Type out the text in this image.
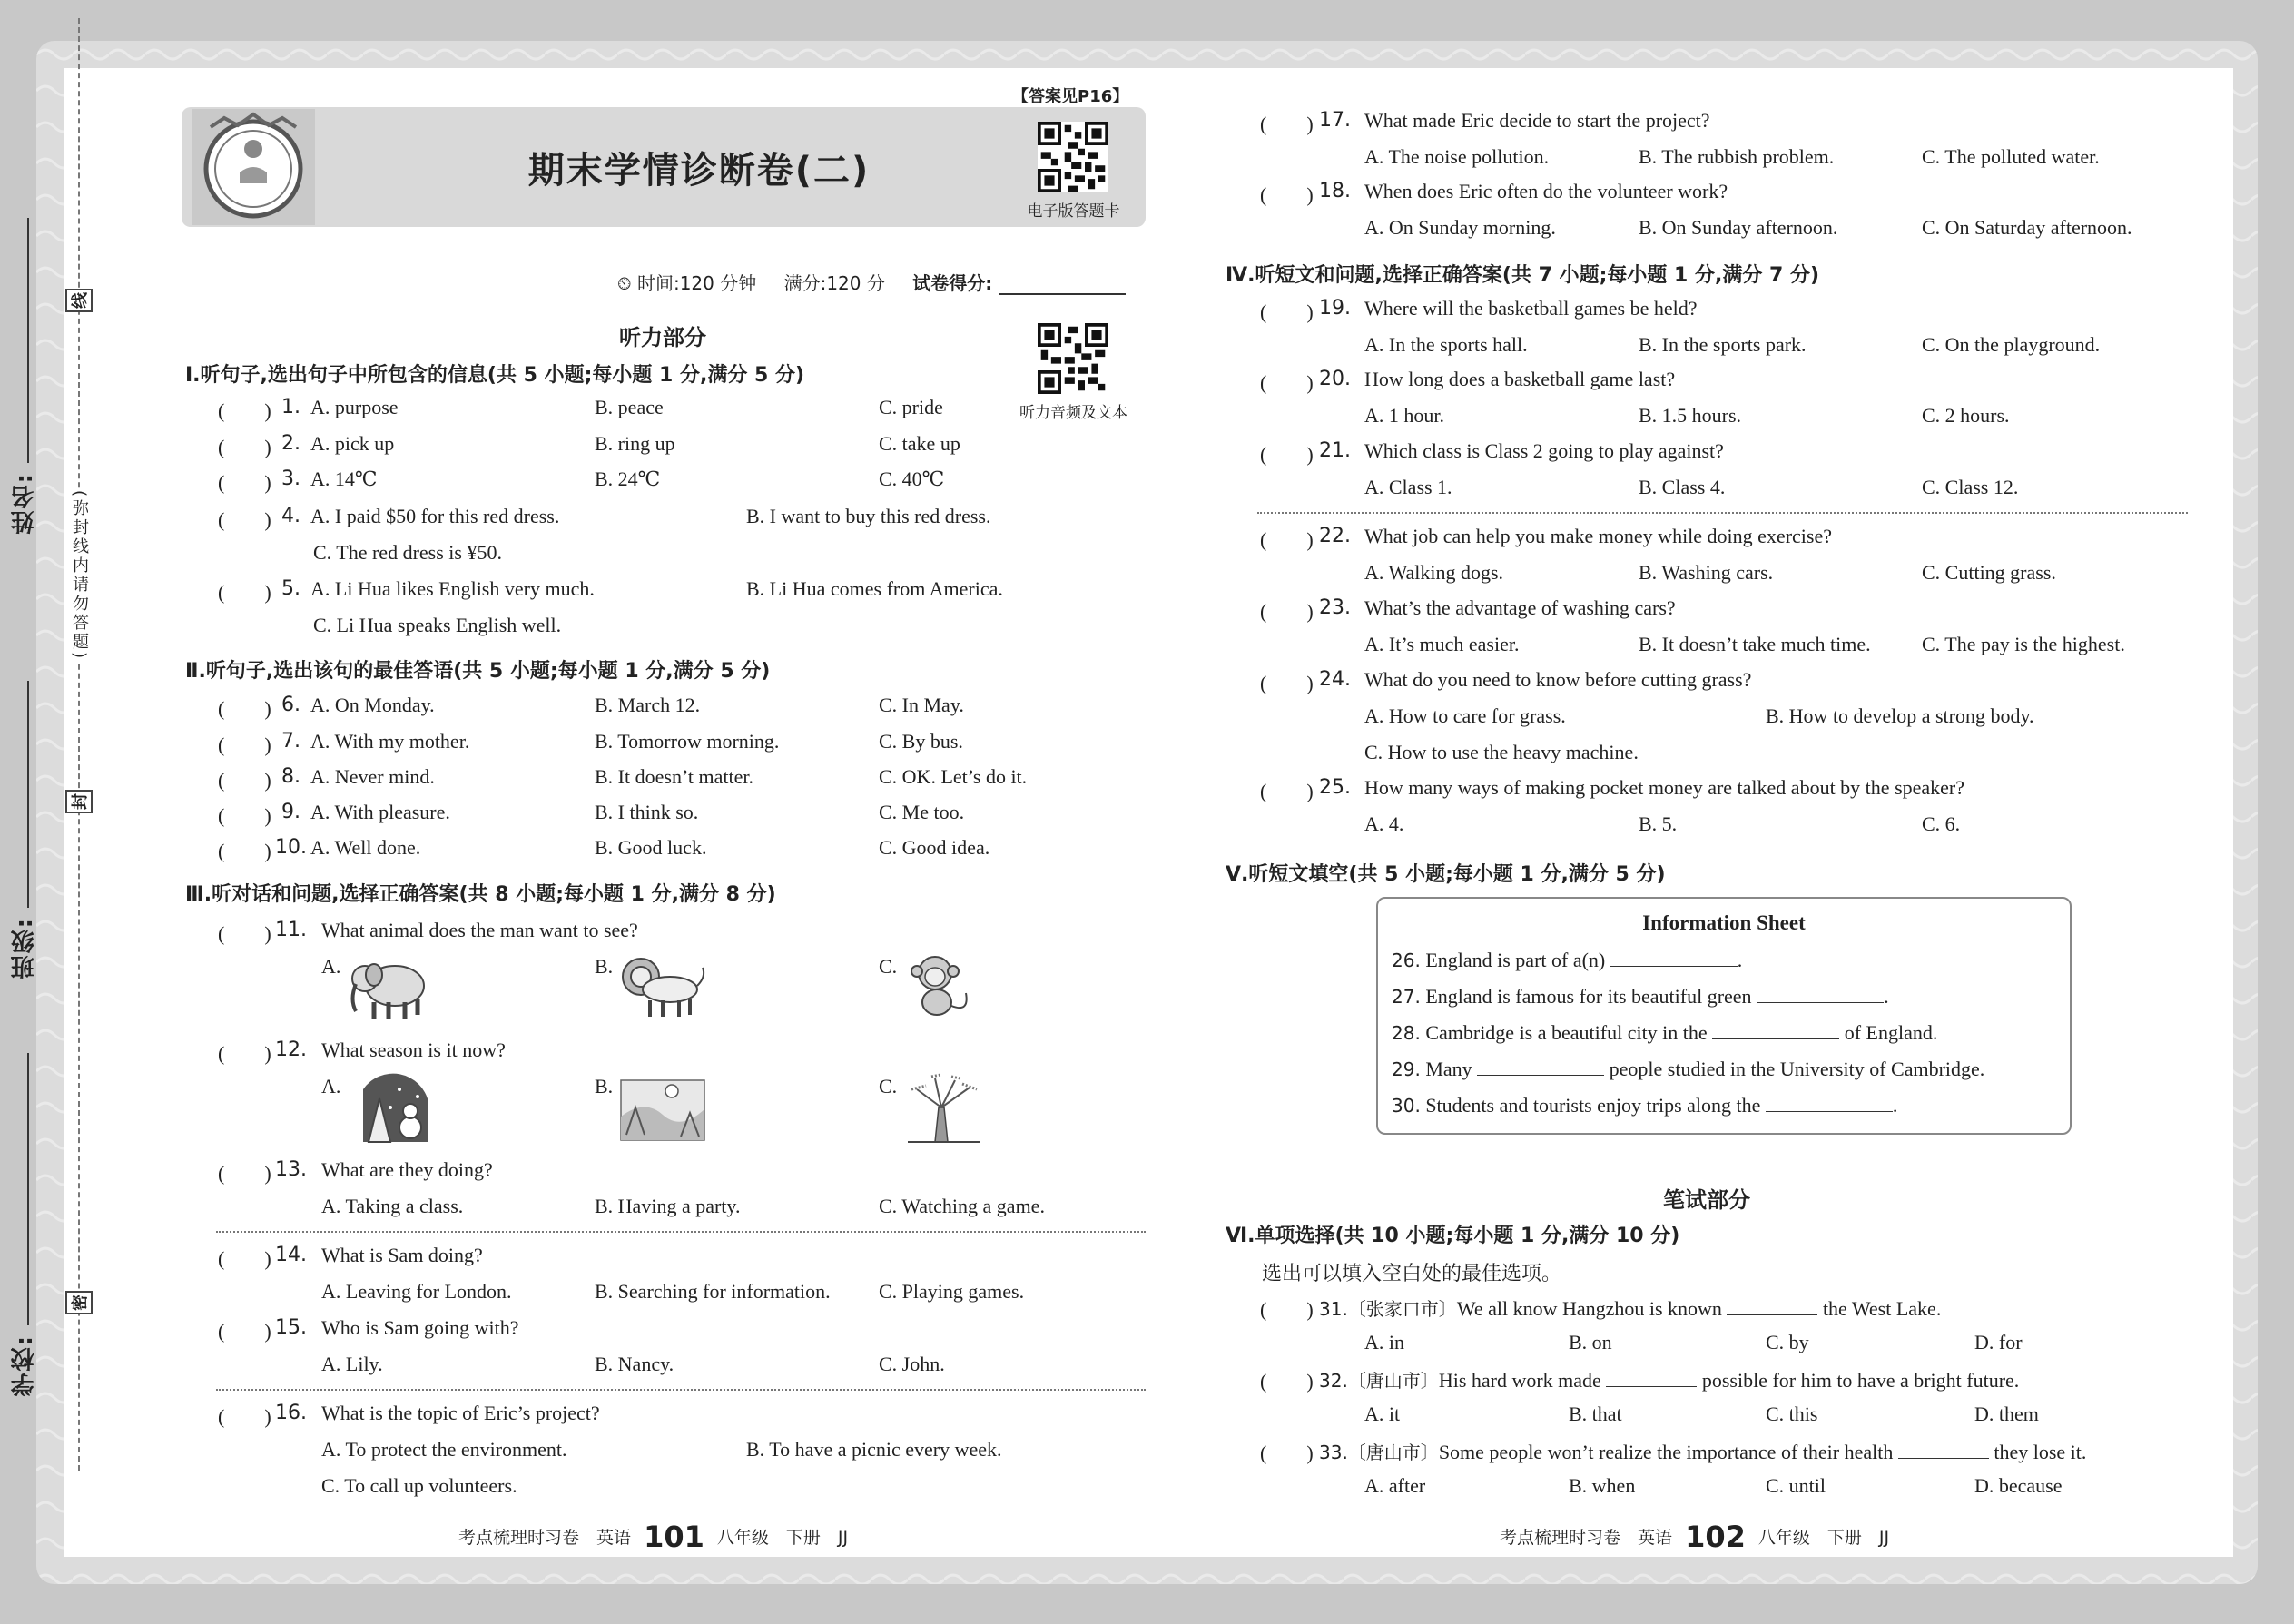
姓名:
班级:
学校:
线
(弥封线内请勿答题)
封
密
【答案见P16】
期末学情诊断卷(二)
电子版答题卡
听力音频及文本
⏲ 时间:120 分钟 满分:120 分 试卷得分:
听力部分
Ⅰ.听句子,选出句子中所包含的信息(共 5 小题;每小题 1 分,满分 5 分)
(　　) 1. A. purpose	B. peace	C. pride
(　　) 2. A. pick up	B. ring up	C. take up
(　　) 3. A. 14℃	B. 24℃	C. 40℃
(　　) 4. A. I paid $50 for this red dress.	B. I want to buy this red dress.
C. The red dress is ¥50.
(　　) 5. A. Li Hua likes English very much.	B. Li Hua comes from America.
C. Li Hua speaks English well.
Ⅱ.听句子,选出该句的最佳答语(共 5 小题;每小题 1 分,满分 5 分)
(　　) 6. A. On Monday.	B. March 12.	C. In May.
(　　) 7. A. With my mother.	B. Tomorrow morning.	C. By bus.
(　　) 8. A. Never mind.	B. It doesn’t matter.	C. OK. Let’s do it.
(　　) 9. A. With pleasure.	B. I think so.	C. Me too.
(　　) 10. A. Well done.	B. Good luck.	C. Good idea.
Ⅲ.听对话和问题,选择正确答案(共 8 小题;每小题 1 分,满分 8 分)
(　　) 11. What animal does the man want to see?
A.	B.	C.
(　　) 12. What season is it now?
A.	B.	C.
(　　) 13. What are they doing?
A. Taking a class.	B. Having a party.	C. Watching a game.
(　　) 14. What is Sam doing?
A. Leaving for London.	B. Searching for information. C. Playing games.
(　　) 15. Who is Sam going with?
A. Lily.	B. Nancy.	C. John.
(　　) 16. What is the topic of Eric’s project?
A. To protect the environment.	B. To have a picnic every week.
C. To call up volunteers.
考点梳理时习卷　英语 101 八年级　下册　JJ
(　　) 17. What made Eric decide to start the project?
A. The noise pollution.	B. The rubbish problem.	C. The polluted water.
(　　) 18. When does Eric often do the volunteer work?
A. On Sunday morning.	B. On Sunday afternoon.	C. On Saturday afternoon.
Ⅳ.听短文和问题,选择正确答案(共 7 小题;每小题 1 分,满分 7 分)
(　　) 19. Where will the basketball games be held?
A. In the sports hall.	B. In the sports park.	C. On the playground.
(　　) 20. How long does a basketball game last?
A. 1 hour.	B. 1.5 hours.	C. 2 hours.
(　　) 21. Which class is Class 2 going to play against?
A. Class 1.	B. Class 4.	C. Class 12.
(　　) 22. What job can help you make money while doing exercise?
A. Walking dogs.	B. Washing cars.	C. Cutting grass.
(　　) 23. What’s the advantage of washing cars?
A. It’s much easier.	B. It doesn’t take much time.	C. The pay is the highest.
(　　) 24. What do you need to know before cutting grass?
A. How to care for grass.	B. How to develop a strong body.
C. How to use the heavy machine.
(　　) 25. How many ways of making pocket money are talked about by the speaker?
A. 4.	B. 5.	C. 6.
Ⅴ.听短文填空(共 5 小题;每小题 1 分,满分 5 分)
Information Sheet
26. England is part of a(n)	.
27. England is famous for its beautiful green	.
28. Cambridge is a beautiful city in the	of England.
29. Many	people studied in the University of Cambridge.
30. Students and tourists enjoy trips along the	.
笔试部分
Ⅵ.单项选择(共 10 小题;每小题 1 分,满分 10 分)
选出可以填入空白处的最佳选项。
(　　) 31.〔张家口市〕We all know Hangzhou is known	the West Lake.
A. in	B. on	C. by	D. for
(　　) 32.〔唐山市〕His hard work made	possible for him to have a bright future.
A. it	B. that	C. this	D. them
(　　) 33.〔唐山市〕Some people won’t realize the importance of their health	they lose it.
A. after	B. when	C. until	D. because
考点梳理时习卷　英语 102 八年级　下册　JJ
